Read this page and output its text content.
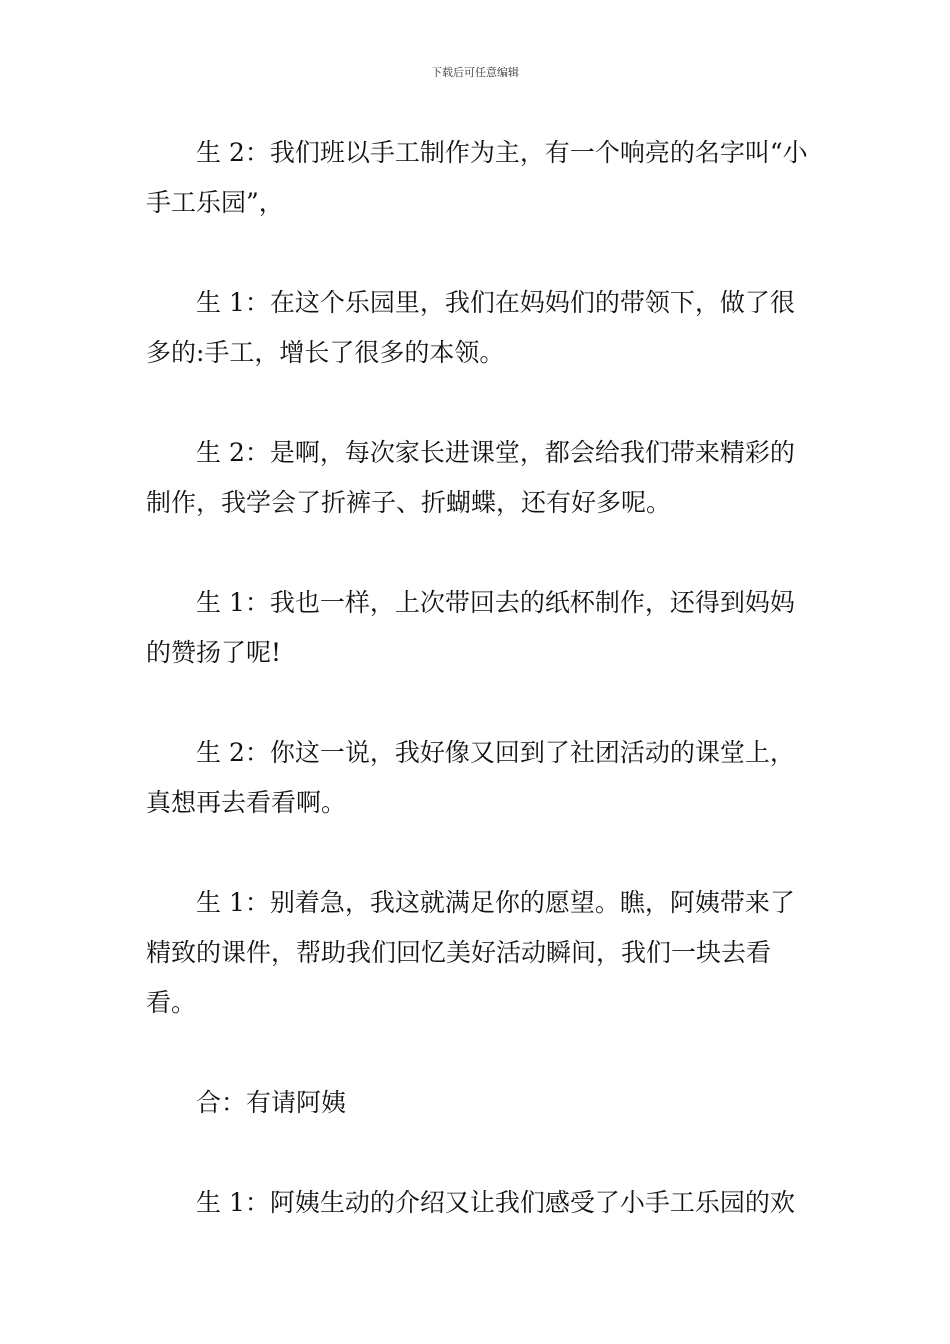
下载后可任意编辑

生 2：我们班以手工制作为主，有一个响亮的名字叫“小手工乐园”，

生 1：在这个乐园里，我们在妈妈们的带领下，做了很多的:手工，增长了很多的本领。

生 2：是啊，每次家长进课堂，都会给我们带来精彩的制作，我学会了折裤子、折蝴蝶，还有好多呢。

生 1：我也一样，上次带回去的纸杯制作，还得到妈妈的赞扬了呢!

生 2：你这一说，我好像又回到了社团活动的课堂上，真想再去看看啊。

生 1：别着急，我这就满足你的愿望。瞧，阿姨带来了精致的课件，帮助我们回忆美好活动瞬间，我们一块去看看。

合：有请阿姨

生 1：阿姨生动的介绍又让我们感受了小手工乐园的欢
